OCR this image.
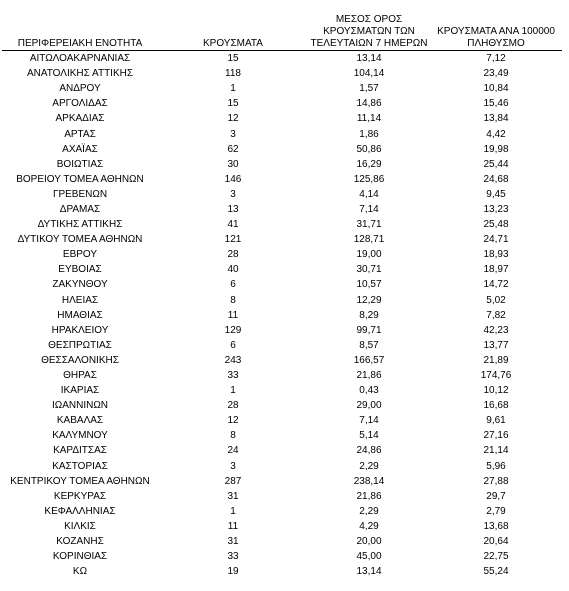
ΠΕΡΙΦΕΡΕΙΑΚΗ ΕΝΟΤΗΤΑ	ΚΡΟΥΣΜΑΤΑ	ΜΕΣΟΣ ΟΡΟΣ
ΚΡΟΥΣΜΑΤΩΝ ΤΩΝ
ΤΕΛΕΥΤΑΙΩΝ 7 ΗΜΕΡΩΝ	ΚΡΟΥΣΜΑΤΑ ΑΝΑ 100000
ΠΛΗΘΥΣΜΟ

ΑΙΤΩΛΟΑΚΑΡΝΑΝΙΑΣ	15	13,14	7,12
ΑΝΑΤΟΛΙΚΗΣ ΑΤΤΙΚΗΣ	118	104,14	23,49
ΑΝΔΡΟΥ	1	1,57	10,84
ΑΡΓΟΛΙΔΑΣ	15	14,86	15,46
ΑΡΚΑΔΙΑΣ	12	11,14	13,84
ΑΡΤΑΣ	3	1,86	4,42
ΑΧΑΪΑΣ	62	50,86	19,98
ΒΟΙΩΤΙΑΣ	30	16,29	25,44
ΒΟΡΕΙΟΥ ΤΟΜΕΑ ΑΘΗΝΩΝ	146	125,86	24,68
ΓΡΕΒΕΝΩΝ	3	4,14	9,45
ΔΡΑΜΑΣ	13	7,14	13,23
ΔΥΤΙΚΗΣ ΑΤΤΙΚΗΣ	41	31,71	25,48
ΔΥΤΙΚΟΥ ΤΟΜΕΑ ΑΘΗΝΩΝ	121	128,71	24,71
ΕΒΡΟΥ	28	19,00	18,93
ΕΥΒΟΙΑΣ	40	30,71	18,97
ΖΑΚΥΝΘΟΥ	6	10,57	14,72
ΗΛΕΙΑΣ	8	12,29	5,02
ΗΜΑΘΙΑΣ	11	8,29	7,82
ΗΡΑΚΛΕΙΟΥ	129	99,71	42,23
ΘΕΣΠΡΩΤΙΑΣ	6	8,57	13,77
ΘΕΣΣΑΛΟΝΙΚΗΣ	243	166,57	21,89
ΘΗΡΑΣ	33	21,86	174,76
ΙΚΑΡΙΑΣ	1	0,43	10,12
ΙΩΑΝΝΙΝΩΝ	28	29,00	16,68
ΚΑΒΑΛΑΣ	12	7,14	9,61
ΚΑΛΥΜΝΟΥ	8	5,14	27,16
ΚΑΡΔΙΤΣΑΣ	24	24,86	21,14
ΚΑΣΤΟΡΙΑΣ	3	2,29	5,96
ΚΕΝΤΡΙΚΟΥ ΤΟΜΕΑ ΑΘΗΝΩΝ	287	238,14	27,88
ΚΕΡΚΥΡΑΣ	31	21,86	29,7
ΚΕΦΑΛΛΗΝΙΑΣ	1	2,29	2,79
ΚΙΛΚΙΣ	11	4,29	13,68
ΚΟΖΑΝΗΣ	31	20,00	20,64
ΚΟΡΙΝΘΙΑΣ	33	45,00	22,75
ΚΩ	19	13,14	55,24
